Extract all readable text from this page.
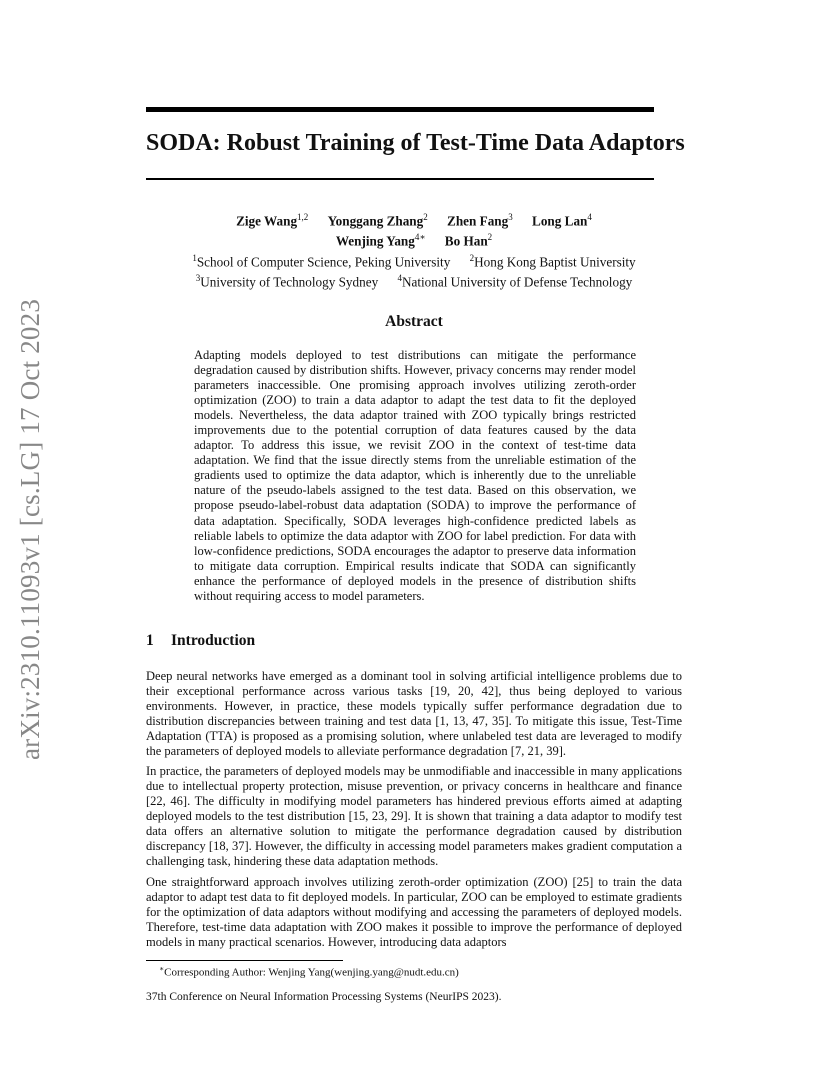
arXiv:2310.11093v1 [cs.LG] 17 Oct 2023
SODA: Robust Training of Test-Time Data Adaptors
Zige Wang$^{1,2}$ Yonggang Zhang$^2$ Zhen Fang$^3$ Long Lan$^4$
Wenjing Yang$^{4∗}$ Bo Han$^2$
$^1$School of Computer Science, Peking University $^2$Hong Kong Baptist University
$^3$University of Technology Sydney $^4$National University of Defense Technology
Abstract
Adapting models deployed to test distributions can mitigate the performance degradation caused by distribution shifts. However, privacy concerns may render model parameters inaccessible. One promising approach involves utilizing zeroth-order optimization (ZOO) to train a data adaptor to adapt the test data to fit the deployed models. Nevertheless, the data adaptor trained with ZOO typically brings restricted improvements due to the potential corruption of data features caused by the data adaptor. To address this issue, we revisit ZOO in the context of test-time data adaptation. We find that the issue directly stems from the unreliable estimation of the gradients used to optimize the data adaptor, which is inherently due to the unreliable nature of the pseudo-labels assigned to the test data. Based on this observation, we propose pseudo-label-robust data adaptation (SODA) to improve the performance of data adaptation. Specifically, SODA leverages high-confidence predicted labels as reliable labels to optimize the data adaptor with ZOO for label prediction. For data with low-confidence predictions, SODA encourages the adaptor to preserve data information to mitigate data corruption. Empirical results indicate that SODA can significantly enhance the performance of deployed models in the presence of distribution shifts without requiring access to model parameters.
1 Introduction
Deep neural networks have emerged as a dominant tool in solving artificial intelligence problems due to their exceptional performance across various tasks [19, 20, 42], thus being deployed to various environments. However, in practice, these models typically suffer performance degradation due to distribution discrepancies between training and test data [1, 13, 47, 35]. To mitigate this issue, Test-Time Adaptation (TTA) is proposed as a promising solution, where unlabeled test data are leveraged to modify the parameters of deployed models to alleviate performance degradation [7, 21, 39].
In practice, the parameters of deployed models may be unmodifiable and inaccessible in many applications due to intellectual property protection, misuse prevention, or privacy concerns in healthcare and finance [22, 46]. The difficulty in modifying model parameters has hindered previous efforts aimed at adapting deployed models to the test distribution [15, 23, 29]. It is shown that training a data adaptor to modify test data offers an alternative solution to mitigate the performance degradation caused by distribution discrepancy [18, 37]. However, the difficulty in accessing model parameters makes gradient computation a challenging task, hindering these data adaptation methods.
One straightforward approach involves utilizing zeroth-order optimization (ZOO) [25] to train the data adaptor to adapt test data to fit deployed models. In particular, ZOO can be employed to estimate gradients for the optimization of data adaptors without modifying and accessing the parameters of deployed models. Therefore, test-time data adaptation with ZOO makes it possible to improve the performance of deployed models in many practical scenarios. However, introducing data adaptors
∗Corresponding Author: Wenjing Yang(wenjing.yang@nudt.edu.cn)
37th Conference on Neural Information Processing Systems (NeurIPS 2023).
